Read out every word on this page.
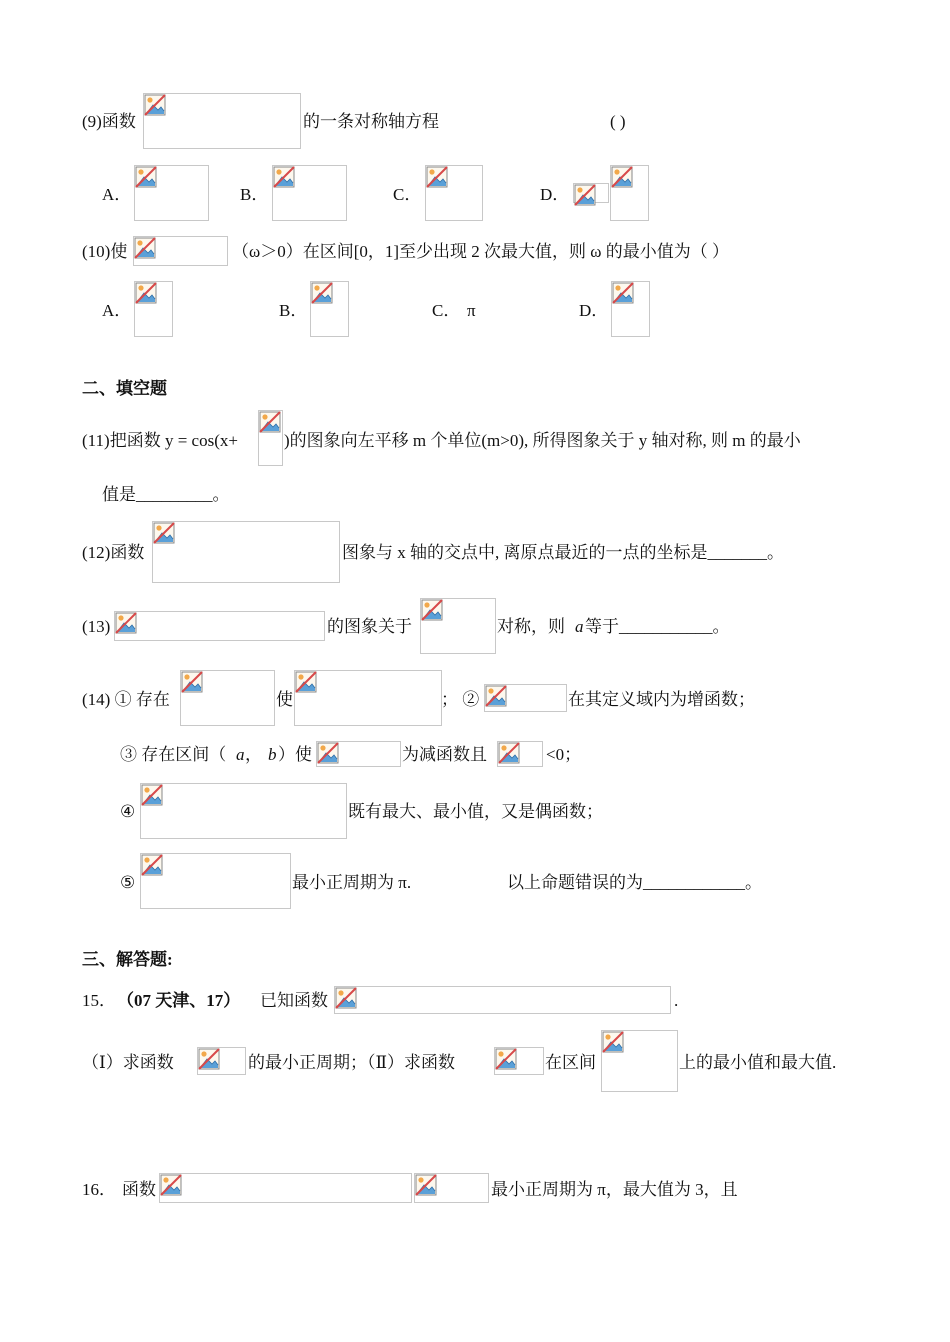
(9)函数	的一条对称轴方程	( )
A．	B．	C．	D．
(10)使	（ω＞0）在区间[0，1]至少出现 2 次最大值，则 ω 的最小值为（ ）
A．	B．	C． π	D．
二、填空题
(11)把函数 y = cos(x+	)的图象向左平移 m 个单位(m>0), 所得图象关于 y 轴对称, 则 m 的最小
值是_________。
(12)函数	图象与 x 轴的交点中, 离原点最近的一点的坐标是_______。
(13)	的图象关于	对称，则 a 等于___________。
(14) ① 存在	使	； ②	在其定义域内为增函数；
③ 存在区间（ a ， b ）使	为减函数且	<0；
④	既有最大、最小值，又是偶函数；
⑤	最小正周期为 π.	以上命题错误的为____________。
三、解答题:
15． （07 天津、17） 已知函数	.
（Ⅰ）求函数	的最小正周期；（Ⅱ）求函数	在区间	上的最小值和最大值.
16． 函数	最小正周期为 π，最大值为 3，且
